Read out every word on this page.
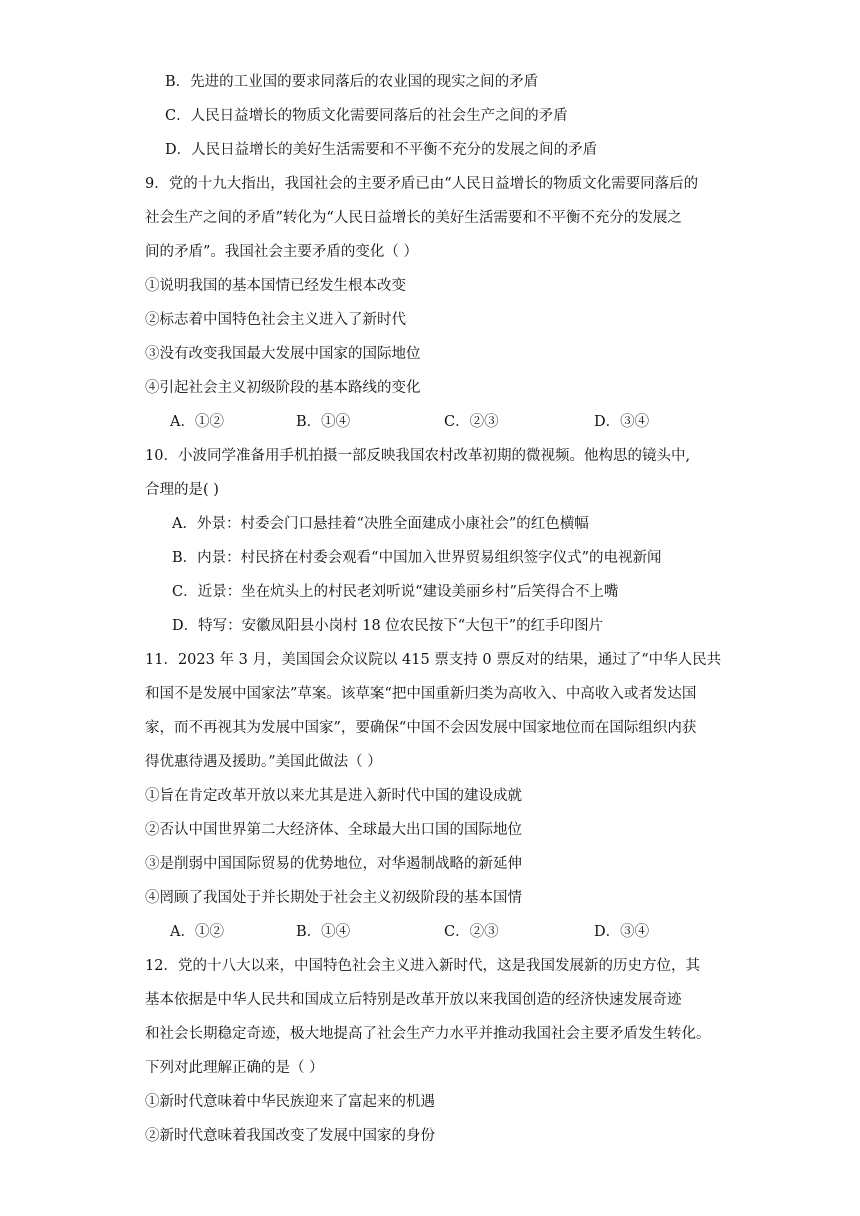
B．先进的工业国的要求同落后的农业国的现实之间的矛盾
C．人民日益增长的物质文化需要同落后的社会生产之间的矛盾
D．人民日益增长的美好生活需要和不平衡不充分的发展之间的矛盾
9．党的十九大指出，我国社会的主要矛盾已由“人民日益增长的物质文化需要同落后的
社会生产之间的矛盾”转化为“人民日益增长的美好生活需要和不平衡不充分的发展之
间的矛盾”。我国社会主要矛盾的变化（ ）
①说明我国的基本国情已经发生根本改变
②标志着中国特色社会主义进入了新时代
③没有改变我国最大发展中国家的国际地位
④引起社会主义初级阶段的基本路线的变化
A．①②	B．①④	C．②③	D．③④
10．小波同学准备用手机拍摄一部反映我国农村改革初期的微视频。他构思的镜头中,
合理的是( )
A．外景：村委会门口悬挂着“决胜全面建成小康社会”的红色横幅
B．内景：村民挤在村委会观看“中国加入世界贸易组织签字仪式”的电视新闻
C．近景：坐在炕头上的村民老刘听说“建设美丽乡村”后笑得合不上嘴
D．特写：安徽凤阳县小岗村 18 位农民按下“大包干”的红手印图片
11．2023 年 3 月，美国国会众议院以 415 票支持 0 票反对的结果，通过了“中华人民共
和国不是发展中国家法”草案。该草案“把中国重新归类为高收入、中高收入或者发达国
家，而不再视其为发展中国家”，要确保“中国不会因发展中国家地位而在国际组织内获
得优惠待遇及援助。”美国此做法（ ）
①旨在肯定改革开放以来尤其是进入新时代中国的建设成就
②否认中国世界第二大经济体、全球最大出口国的国际地位
③是削弱中国国际贸易的优势地位，对华遏制战略的新延伸
④罔顾了我国处于并长期处于社会主义初级阶段的基本国情
A．①②	B．①④	C．②③	D．③④
12．党的十八大以来，中国特色社会主义进入新时代，这是我国发展新的历史方位，其
基本依据是中华人民共和国成立后特别是改革开放以来我国创造的经济快速发展奇迹
和社会长期稳定奇迹，极大地提高了社会生产力水平并推动我国社会主要矛盾发生转化。
下列对此理解正确的是（ ）
①新时代意味着中华民族迎来了富起来的机遇
②新时代意味着我国改变了发展中国家的身份
